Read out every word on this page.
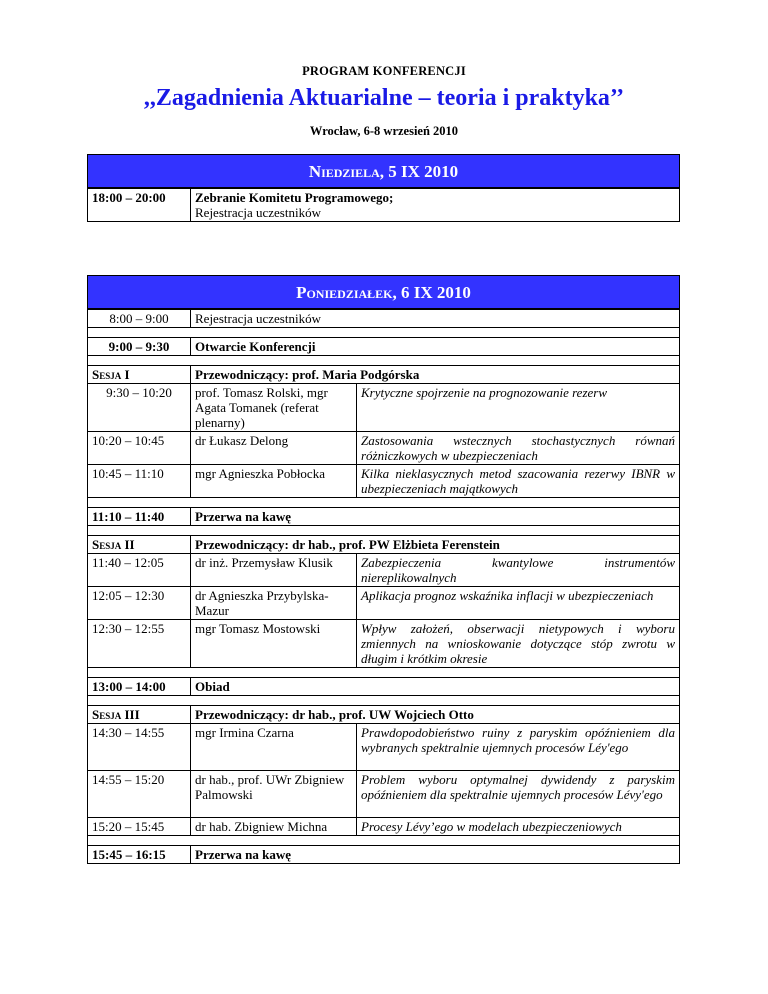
PROGRAM KONFERENCJI
,,Zagadnienia Aktuarialne – teoria i praktyka’’
Wrocław, 6-8 wrzesień 2010
Niedziela, 5 IX 2010
18:00 – 20:00	Zebranie Komitetu Programowego;
Rejestracja uczestników
Poniedziałek, 6 IX 2010
8:00 – 9:00	Rejestracja uczestników	

9:00 – 9:30	Otwarcie Konferencji	

Sesja I	Przewodniczący: prof. Maria Podgórska	
9:30 – 10:20	prof. Tomasz Rolski, mgr Agata Tomanek (referat plenarny)	Krytyczne spojrzenie na prognozowanie rezerw
10:20 – 10:45	dr Łukasz Delong	Zastosowania wstecznych stochastycznych równań różniczkowych w ubezpieczeniach
10:45 – 11:10	mgr Agnieszka Pobłocka	Kilka nieklasycznych metod szacowania rezerwy IBNR w ubezpieczeniach majątkowych

11:10 – 11:40	Przerwa na kawę	

Sesja II	Przewodniczący: dr hab., prof. PW Elżbieta Ferenstein	
11:40 – 12:05	dr inż. Przemysław Klusik	Zabezpieczenia kwantylowe instrumentów niereplikowalnych
12:05 – 12:30	dr Agnieszka Przybylska-Mazur	Aplikacja prognoz wskaźnika inflacji w ubezpieczeniach
12:30 – 12:55	mgr Tomasz Mostowski	Wpływ założeń, obserwacji nietypowych i wyboru zmiennych na wnioskowanie dotyczące stóp zwrotu w długim i krótkim okresie

13:00 – 14:00	Obiad	

Sesja III	Przewodniczący: dr hab., prof. UW Wojciech Otto	
14:30 – 14:55	mgr Irmina Czarna	Prawdopodobieństwo ruiny z paryskim opóźnieniem dla wybranych spektralnie ujemnych procesów Léy'ego
14:55 – 15:20	dr hab., prof. UWr Zbigniew Palmowski	Problem wyboru optymalnej dywidendy z paryskim opóźnieniem dla spektralnie ujemnych procesów Lévy'ego
15:20 – 15:45	dr hab. Zbigniew Michna	Procesy Lévy’ego w modelach ubezpieczeniowych

15:45 – 16:15	Przerwa na kawę	
